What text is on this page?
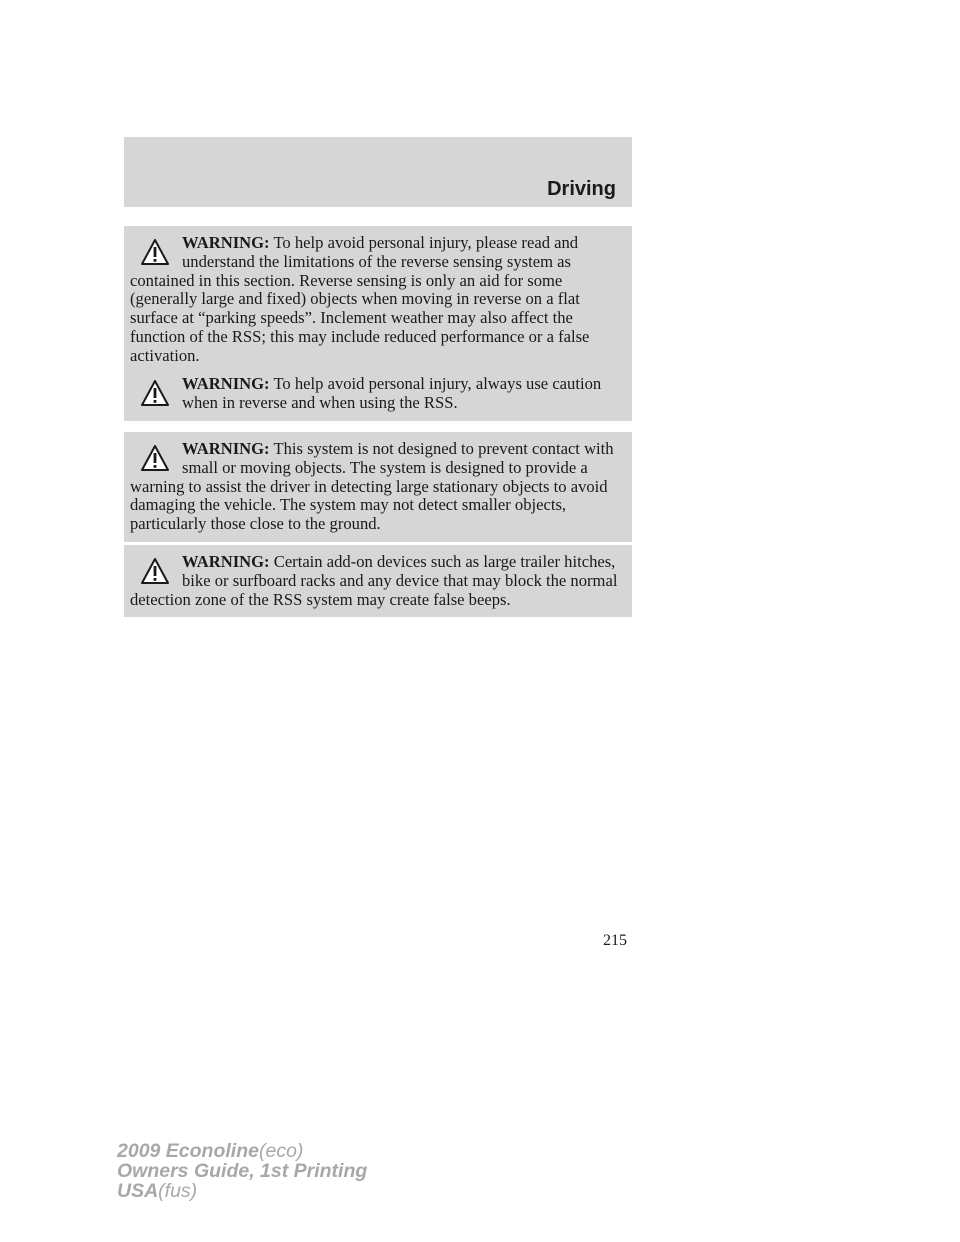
Driving
WARNING: To help avoid personal injury, please read and understand the limitations of the reverse sensing system as contained in this section. Reverse sensing is only an aid for some (generally large and fixed) objects when moving in reverse on a flat surface at “parking speeds”. Inclement weather may also affect the function of the RSS; this may include reduced performance or a false activation.
WARNING: To help avoid personal injury, always use caution when in reverse and when using the RSS.
WARNING: This system is not designed to prevent contact with small or moving objects. The system is designed to provide a warning to assist the driver in detecting large stationary objects to avoid damaging the vehicle. The system may not detect smaller objects, particularly those close to the ground.
WARNING: Certain add-on devices such as large trailer hitches, bike or surfboard racks and any device that may block the normal detection zone of the RSS system may create false beeps.
215
2009 Econoline(eco)
Owners Guide, 1st Printing
USA(fus)
